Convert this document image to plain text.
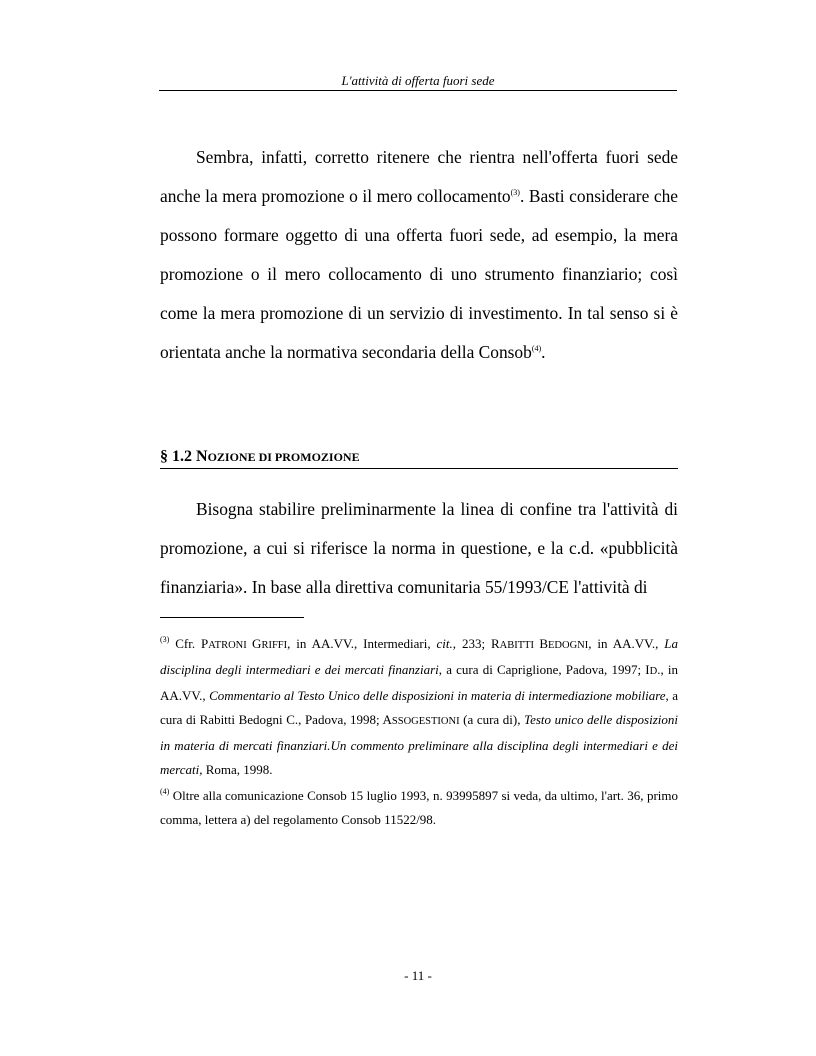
L'attività di offerta fuori sede

Sembra, infatti, corretto ritenere che rientra nell'offerta fuori sede anche la mera promozione o il mero collocamento$^{(3)}$. Basti considerare che possono formare oggetto di una offerta fuori sede, ad esempio, la mera promozione o il mero collocamento di uno strumento finanziario; così come la mera promozione di un servizio di investimento. In tal senso si è orientata anche la normativa secondaria della Consob$^{(4)}$.

§ 1.2 NOZIONE DI PROMOZIONE

Bisogna stabilire preliminarmente la linea di confine tra l'attività di promozione, a cui si riferisce la norma in questione, e la c.d. «pubblicità finanziaria». In base alla direttiva comunitaria 55/1993/CE l'attività di

$^{(3)}$ Cfr. PATRONI GRIFFI, in AA.VV., Intermediari, cit., 233; RABITTI BEDOGNI, in AA.VV., La disciplina degli intermediari e dei mercati finanziari, a cura di Capriglione, Padova, 1997; ID., in AA.VV., Commentario al Testo Unico delle disposizioni in materia di intermediazione mobiliare, a cura di Rabitti Bedogni C., Padova, 1998; ASSOGESTIONI (a cura di), Testo unico delle disposizioni in materia di mercati finanziari.Un commento preliminare alla disciplina degli intermediari e dei mercati, Roma, 1998.

$^{(4)}$ Oltre alla comunicazione Consob 15 luglio 1993, n. 93995897 si veda, da ultimo, l'art. 36, primo comma, lettera a) del regolamento Consob 11522/98.

- 11 -
